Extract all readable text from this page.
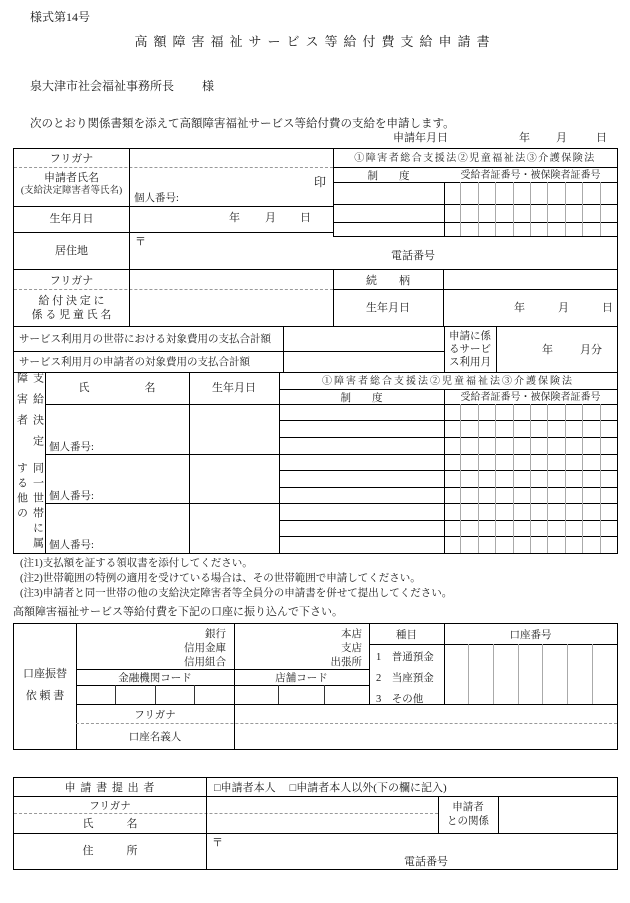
様式第14号
高額障害福祉サービス等給付費支給申請書
泉大津市社会福祉事務所長 様
次のとおり関係書類を添えて高額障害福祉サービス等給付費の支給を申請します。
申請年月日	年 月	日
フリガナ
申請者氏名
(支給決定障害者等氏名)
印
個人番号:
生年月日	年 月 日
居住地
〒
電話番号
①障害者総合支援法②児童福祉法③介護保険法
制　　度	受給者証番号・被保険者証番号
フリガナ
給 付 決 定 に
係 る 児 童 氏 名
続　　柄
生年月日	年	月	日
サービス利用月の世帯における対象費用の支払合計額
サービス利用月の申請者の対象費用の支払合計額
申請に係
るサービ
ス利用月
年 月分
支給決定障害者
同一世帯に属する他の
氏　　　　　名	生年月日
①障害者総合支援法②児童福祉法③介護保険法
制　　度	受給者証番号・被保険者証番号
個人番号:
個人番号:
個人番号:
(注1)支払額を証する領収書を添付してください。
(注2)世帯範囲の特例の適用を受けている場合は、その世帯範囲で申請してください。
(注3)申請者と同一世帯の他の支給決定障害者等全員分の申請書を併せて提出してください。
高額障害福祉サービス等給付費を下記の口座に振り込んで下さい。
口座振替
依 頼 書
銀行
信用金庫
信用組合
本店
支店
出張所
金融機関コード	店舗コード
種目
1　普通預金
2　当座預金
3　その他
口座番号
フリガナ
口座名義人
申 請 書 提 出 者	□申請者本人 □申請者本人以外(下の欄に記入)
フリガナ
氏　　　名
申請者
との関係
住　　　所
〒
電話番号
